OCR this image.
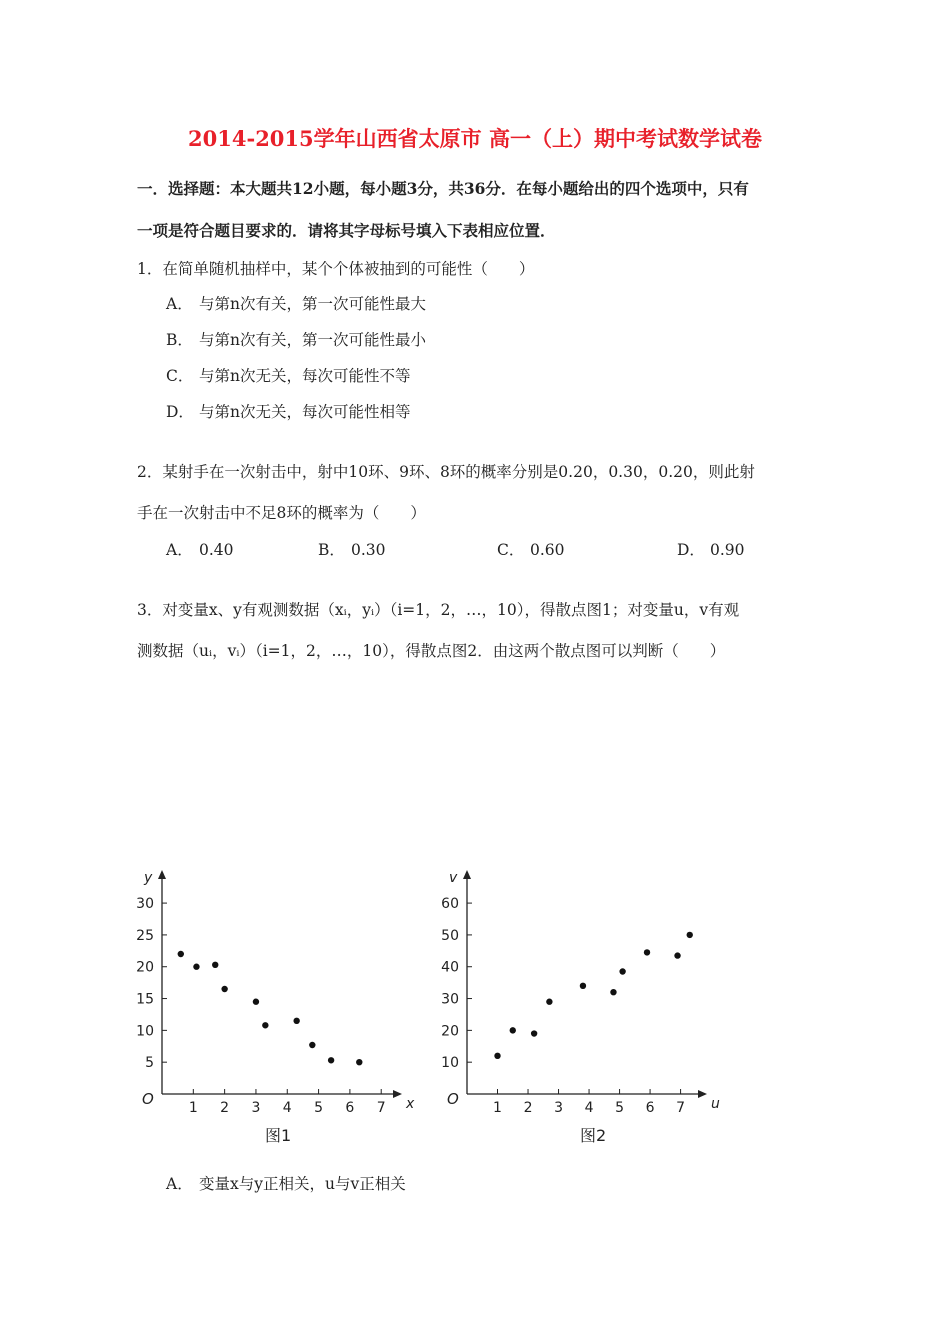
2014-2015学年山西省太原市 高一（上）期中考试数学试卷
一．选择题：本大题共12小题，每小题3分，共36分．在每小题给出的四个选项中，只有
一项是符合题目要求的．请将其字母标号填入下表相应位置．
1．在简单随机抽样中，某个个体被抽到的可能性（　　）
A． 与第n次有关，第一次可能性最大
B． 与第n次有关，第一次可能性最小
C． 与第n次无关，每次可能性不等
D． 与第n次无关，每次可能性相等
2．某射手在一次射击中，射中10环、9环、8环的概率分别是0.20，0.30，0.20，则此射
手在一次射击中不足8环的概率为（　　）
A． 0.40	B． 0.30	C． 0.60	D． 0.90
3．对变量x、y有观测数据（xᵢ，yᵢ）（i=1，2，…，10），得散点图1；对变量u，v有观
测数据（uᵢ，vᵢ）（i=1，2，…，10），得散点图2．由这两个散点图可以判断（　　）
x
y
O	1 2 3 4 5 6 7
5
10
15
20
25
30
图1
u
v
O 1 2 3 4 5 6 7
10
20
30
40
50
60
图2
A． 变量x与y正相关，u与v正相关
